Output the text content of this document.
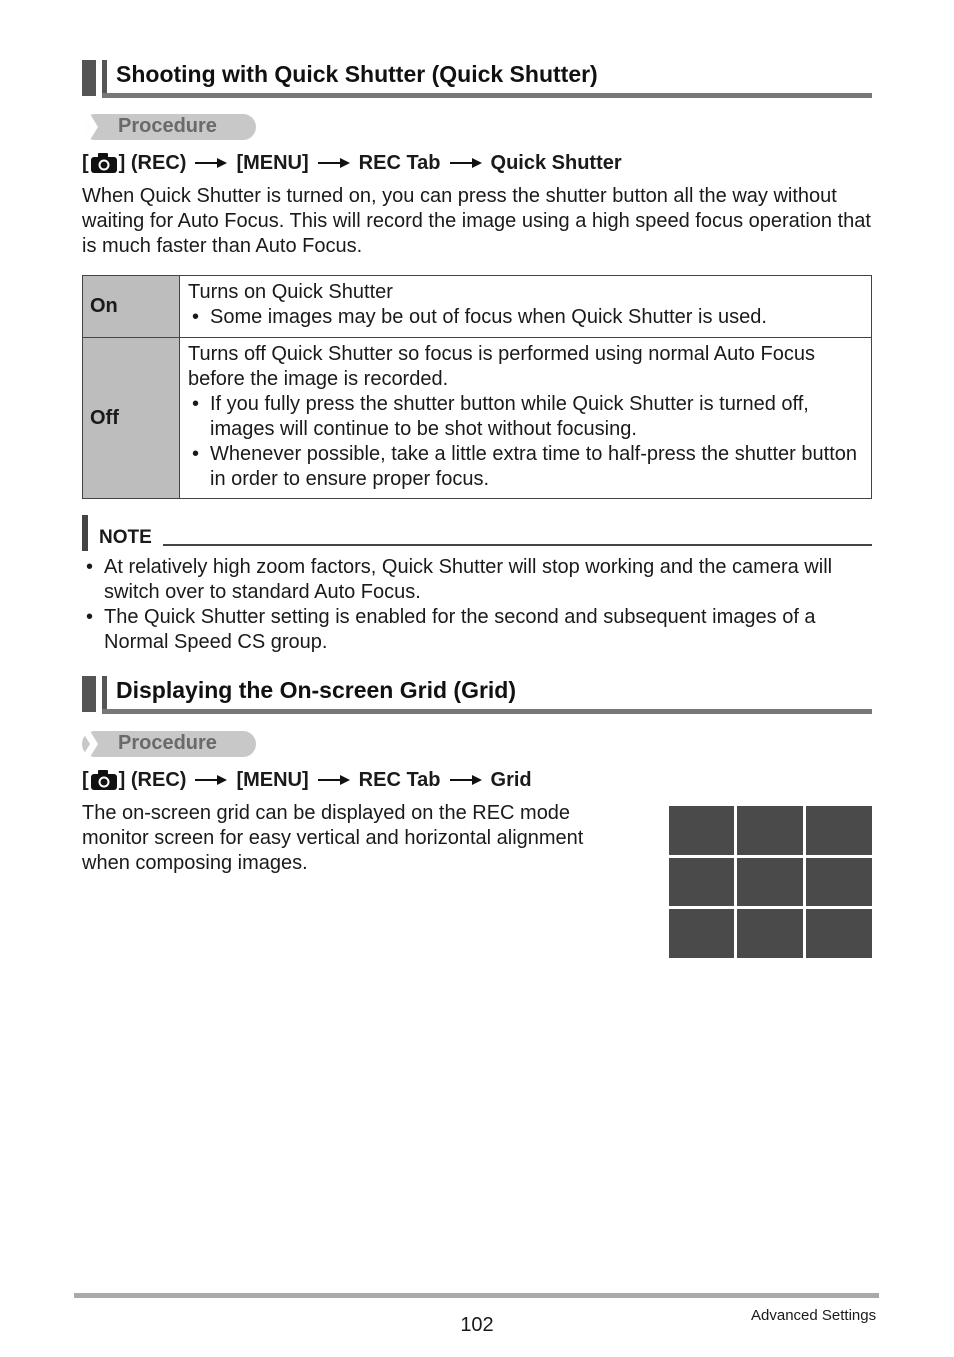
Shooting with Quick Shutter (Quick Shutter)
Procedure
[ ] (REC)	[MENU]	REC Tab	Quick Shutter
When Quick Shutter is turned on, you can press the shutter button all the way without waiting for Auto Focus. This will record the image using a high speed focus operation that is much faster than Auto Focus.
On	Turns on Quick Shutter
• Some images may be out of focus when Quick Shutter is used.

Off	Turns off Quick Shutter so focus is performed using normal Auto Focus before the image is recorded.
• If you fully press the shutter button while Quick Shutter is turned off, images will continue to be shot without focusing.
• Whenever possible, take a little extra time to half-press the shutter button in order to ensure proper focus.
NOTE
• At relatively high zoom factors, Quick Shutter will stop working and the camera will switch over to standard Auto Focus.
• The Quick Shutter setting is enabled for the second and subsequent images of a Normal Speed CS group.
Displaying the On-screen Grid (Grid)
Procedure
[ ] (REC)	[MENU]	REC Tab	Grid
The on-screen grid can be displayed on the REC mode monitor screen for easy vertical and horizontal alignment when composing images.
102	Advanced Settings
